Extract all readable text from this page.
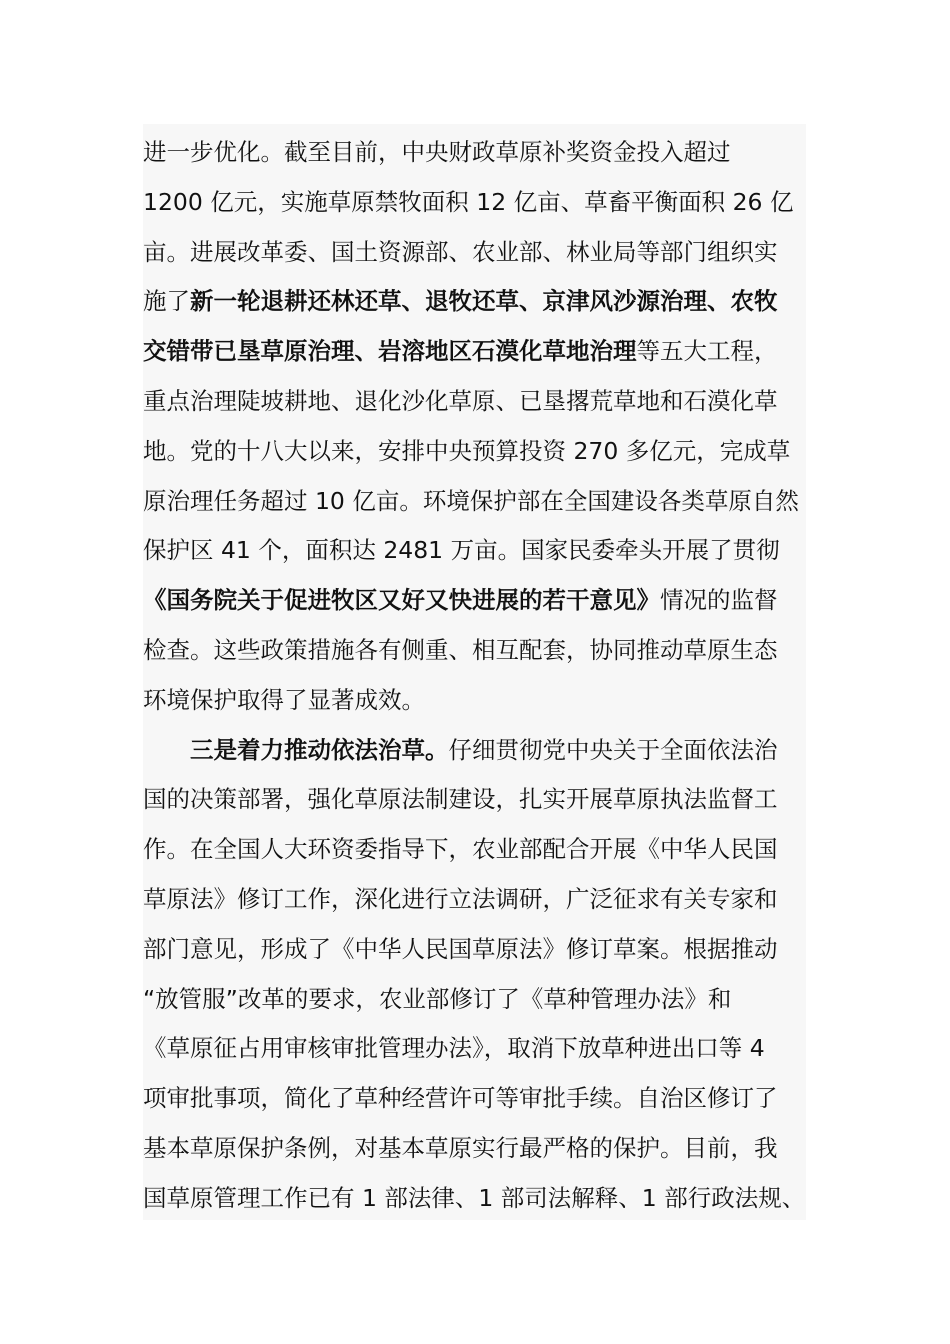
进一步优化。截至目前，中央财政草原补奖资金投入超过
1200 亿元，实施草原禁牧面积 12 亿亩、草畜平衡面积 26 亿
亩。进展改革委、国土资源部、农业部、林业局等部门组织实
施了新一轮退耕还林还草、退牧还草、京津风沙源治理、农牧
交错带已垦草原治理、岩溶地区石漠化草地治理等五大工程，
重点治理陡坡耕地、退化沙化草原、已垦撂荒草地和石漠化草
地。党的十八大以来，安排中央预算投资 270 多亿元，完成草
原治理任务超过 10 亿亩。环境保护部在全国建设各类草原自然
保护区 41 个，面积达 2481 万亩。国家民委牵头开展了贯彻
《国务院关于促进牧区又好又快进展的若干意见》情况的监督
检查。这些政策措施各有侧重、相互配套，协同推动草原生态
环境保护取得了显著成效。
三是着力推动依法治草。仔细贯彻党中央关于全面依法治
国的决策部署，强化草原法制建设，扎实开展草原执法监督工
作。在全国人大环资委指导下，农业部配合开展《中华人民国
草原法》修订工作，深化进行立法调研，广泛征求有关专家和
部门意见，形成了《中华人民国草原法》修订草案。根据推动
“放管服”改革的要求，农业部修订了《草种管理办法》和
《草原征占用审核审批管理办法》，取消下放草种进出口等 4
项审批事项，简化了草种经营许可等审批手续。自治区修订了
基本草原保护条例，对基本草原实行最严格的保护。目前，我
国草原管理工作已有 1 部法律、1 部司法解释、1 部行政法规、
